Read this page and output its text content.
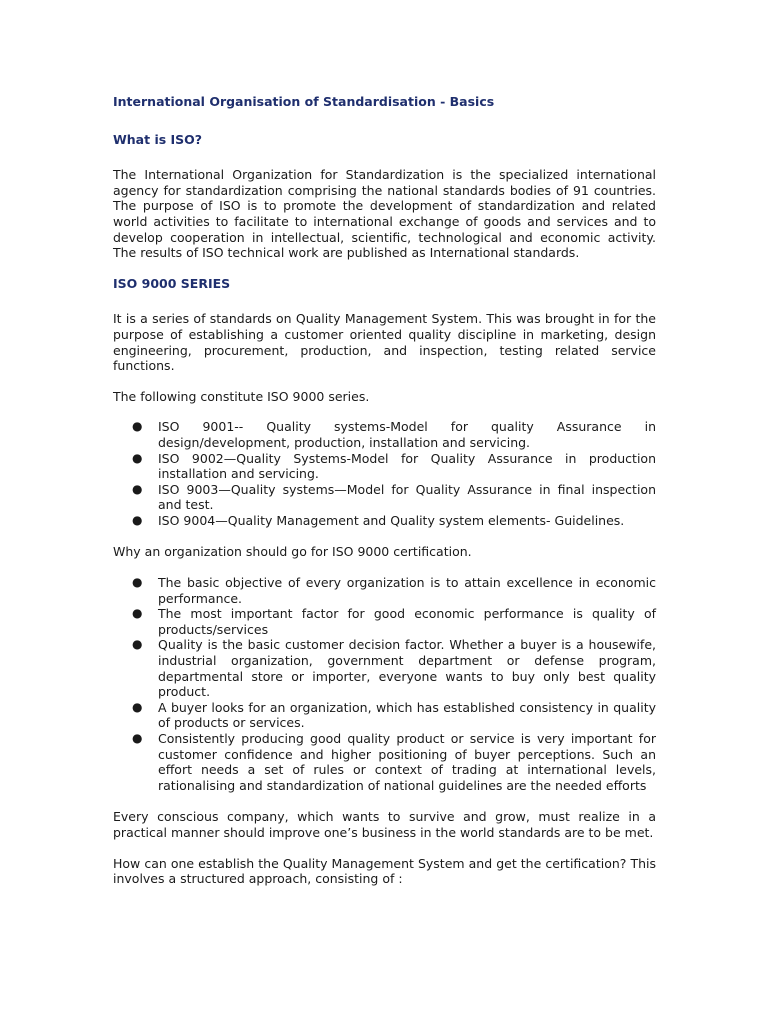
International Organisation of Standardisation - Basics
What is ISO?

The International Organization for Standardization is the specialized international agency for standardization comprising the national standards bodies of 91 countries. The purpose of ISO is to promote the development of standardization and related world activities to facilitate to international exchange of goods and services and to develop cooperation in intellectual, scientific, technological and economic activity. The results of ISO technical work are published as International standards.

ISO 9000 SERIES

It is a series of standards on Quality Management System. This was brought in for the purpose of establishing a customer oriented quality discipline in marketing, design engineering, procurement, production, and inspection, testing related service functions.

The following constitute ISO 9000 series.

● ISO 9001-- Quality systems-Model for quality Assurance in design/development, production, installation and servicing.
● ISO 9002—Quality Systems-Model for Quality Assurance in production installation and servicing.
● ISO 9003—Quality systems—Model for Quality Assurance in final inspection and test.
● ISO 9004—Quality Management and Quality system elements- Guidelines.

Why an organization should go for ISO 9000 certification.

● The basic objective of every organization is to attain excellence in economic performance.
● The most important factor for good economic performance is quality of products/services
● Quality is the basic customer decision factor. Whether a buyer is a housewife, industrial organization, government department or defense program, departmental store or importer, everyone wants to buy only best quality product.
● A buyer looks for an organization, which has established consistency in quality of products or services.
● Consistently producing good quality product or service is very important for customer confidence and higher positioning of buyer perceptions. Such an effort needs a set of rules or context of trading at international levels, rationalising and standardization of national guidelines are the needed efforts

Every conscious company, which wants to survive and grow, must realize in a practical manner should improve one’s business in the world standards are to be met.

How can one establish the Quality Management System and get the certification? This involves a structured approach, consisting of :
